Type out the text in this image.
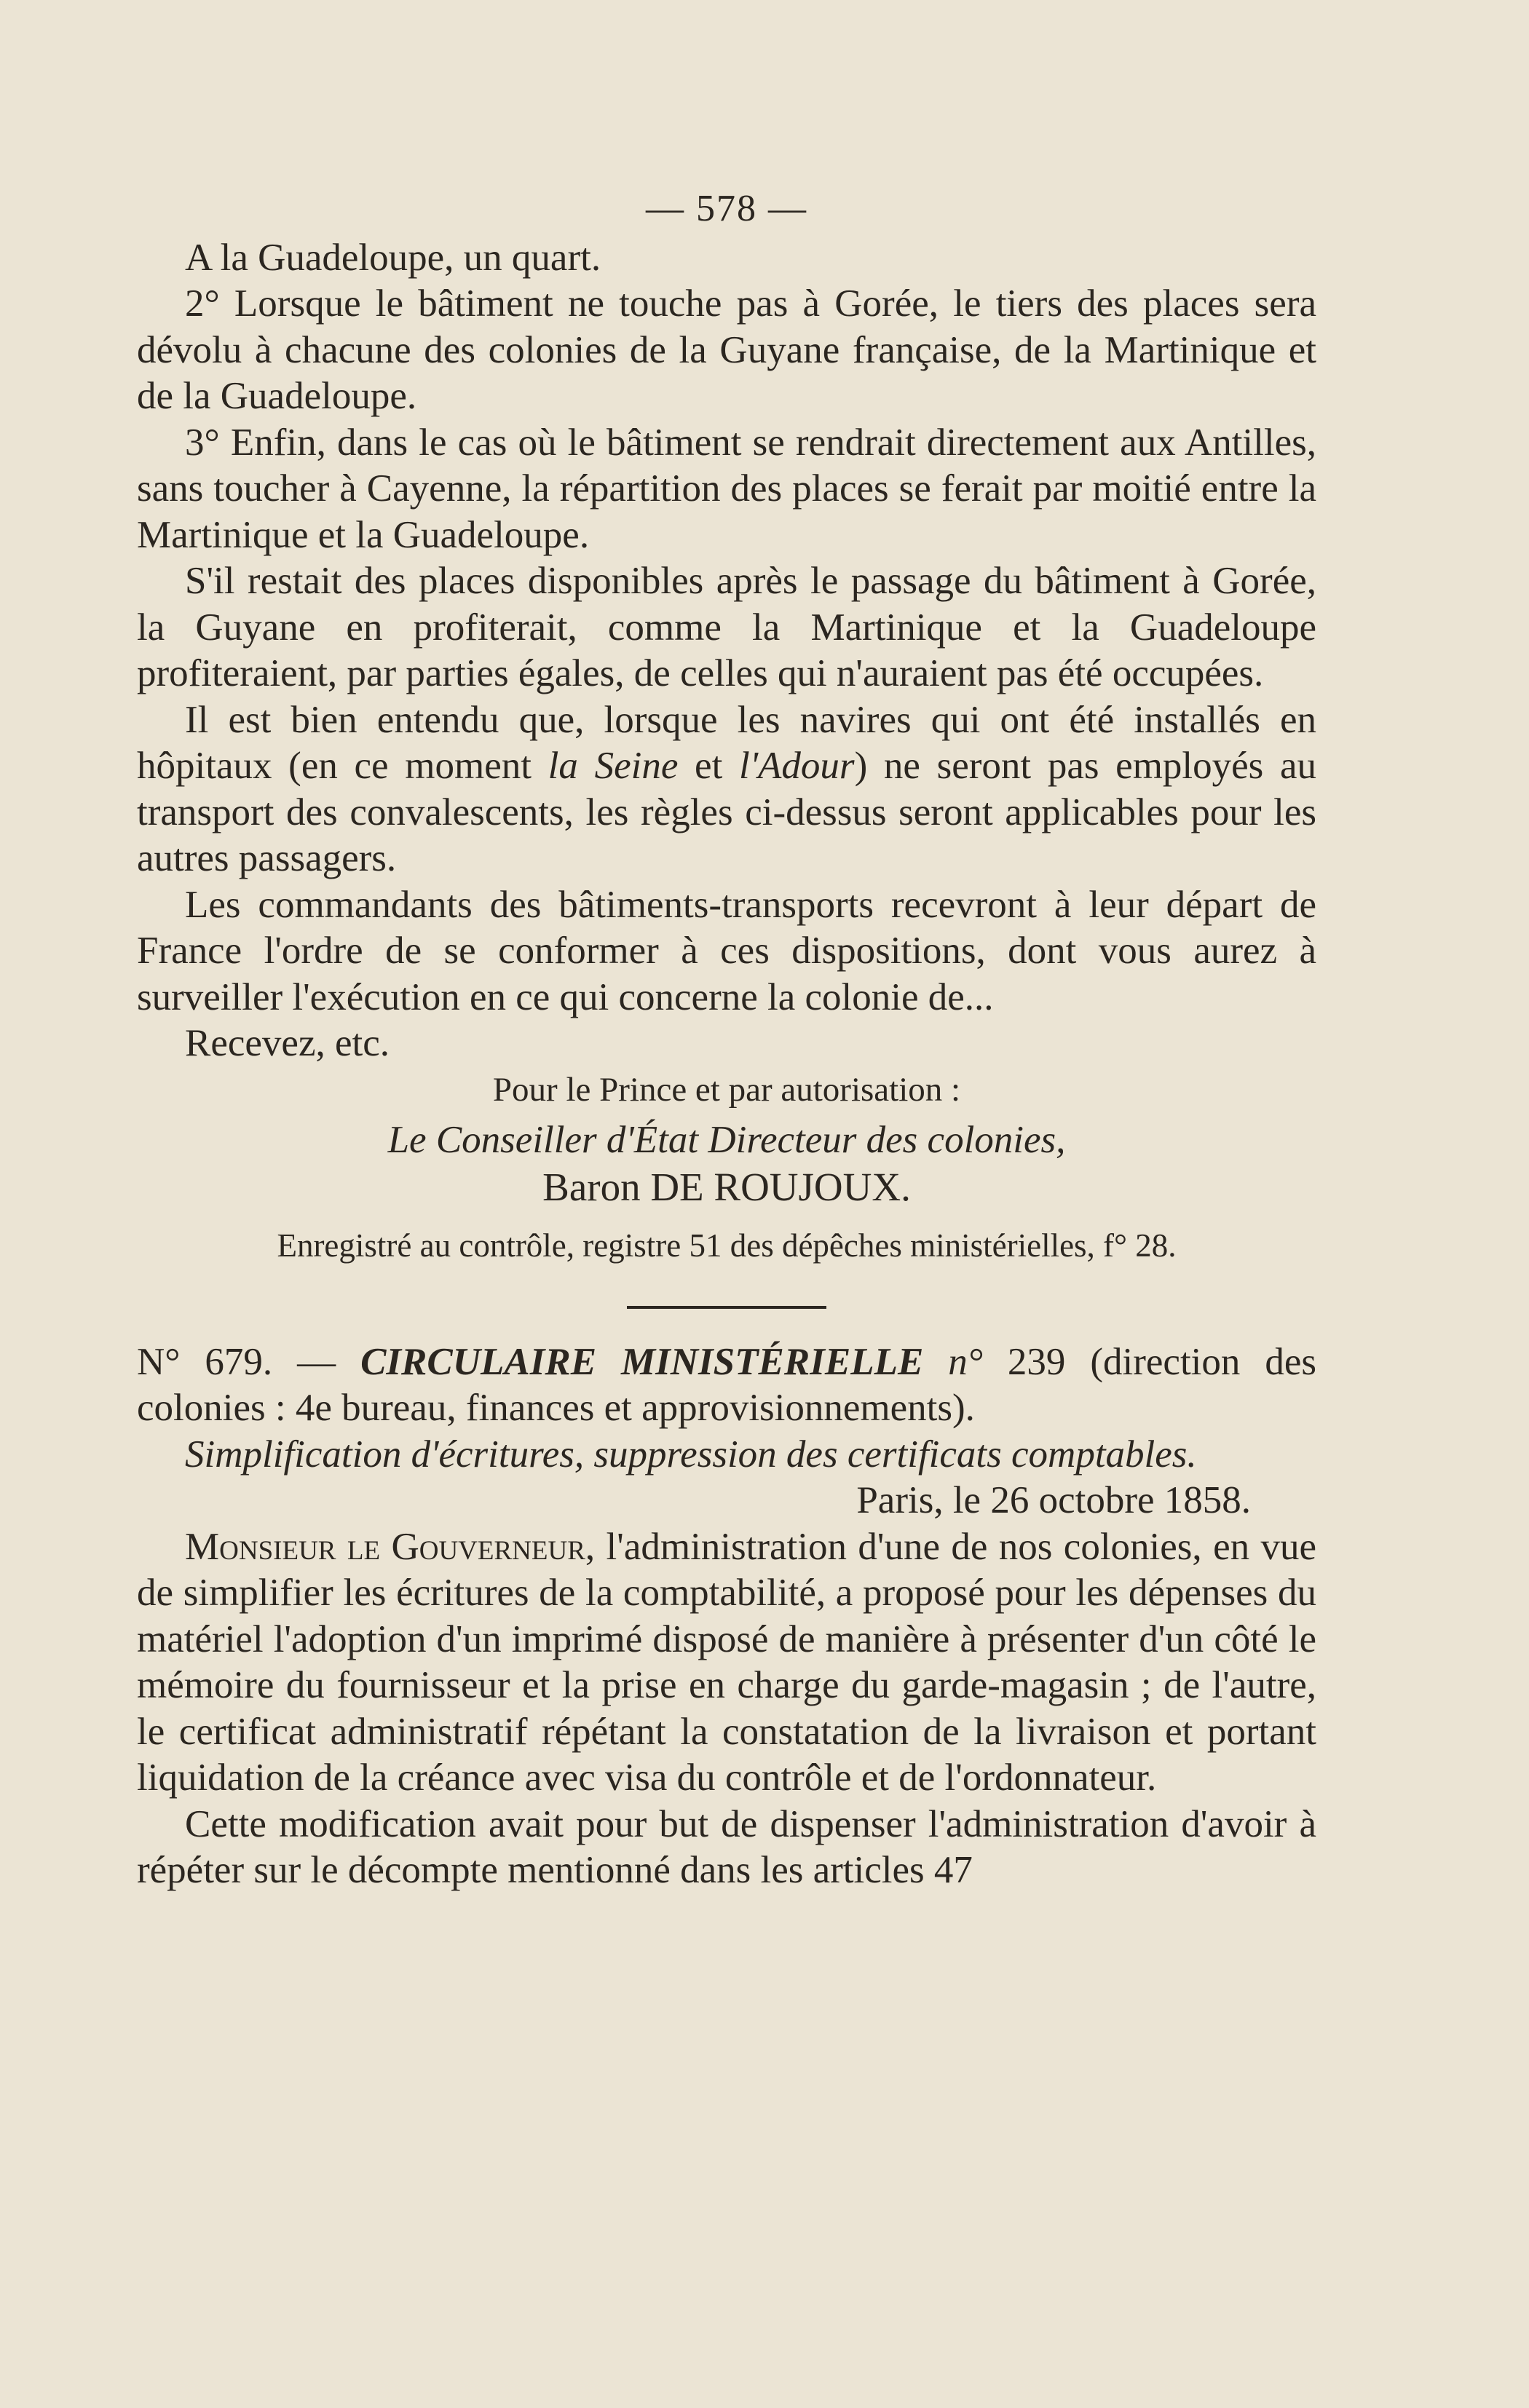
— 578 —

A la Guadeloupe, un quart.

2° Lorsque le bâtiment ne touche pas à Gorée, le tiers des places sera dévolu à chacune des colonies de la Guyane française, de la Martinique et de la Guadeloupe.

3° Enfin, dans le cas où le bâtiment se rendrait directement aux Antilles, sans toucher à Cayenne, la répartition des places se ferait par moitié entre la Martinique et la Guadeloupe.

S'il restait des places disponibles après le passage du bâtiment à Gorée, la Guyane en profiterait, comme la Martinique et la Guadeloupe profiteraient, par parties égales, de celles qui n'auraient pas été occupées.

Il est bien entendu que, lorsque les navires qui ont été installés en hôpitaux (en ce moment la Seine et l'Adour) ne seront pas employés au transport des convalescents, les règles ci-dessus seront applicables pour les autres passagers.

Les commandants des bâtiments-transports recevront à leur départ de France l'ordre de se conformer à ces dispositions, dont vous aurez à surveiller l'exécution en ce qui concerne la colonie de...

Recevez, etc.

Pour le Prince et par autorisation :

Le Conseiller d'État Directeur des colonies,

Baron DE ROUJOUX.

Enregistré au contrôle, registre 51 des dépêches ministérielles, f° 28.

N° 679. — CIRCULAIRE MINISTÉRIELLE n° 239 (direction des colonies : 4e bureau, finances et approvisionnements).

Simplification d'écritures, suppression des certificats comptables.

Paris, le 26 octobre 1858.

Monsieur le Gouverneur, l'administration d'une de nos colonies, en vue de simplifier les écritures de la comptabilité, a proposé pour les dépenses du matériel l'adoption d'un imprimé disposé de manière à présenter d'un côté le mémoire du fournisseur et la prise en charge du garde-magasin ; de l'autre, le certificat administratif répétant la constatation de la livraison et portant liquidation de la créance avec visa du contrôle et de l'ordonnateur.

Cette modification avait pour but de dispenser l'administration d'avoir à répéter sur le décompte mentionné dans les articles 47
